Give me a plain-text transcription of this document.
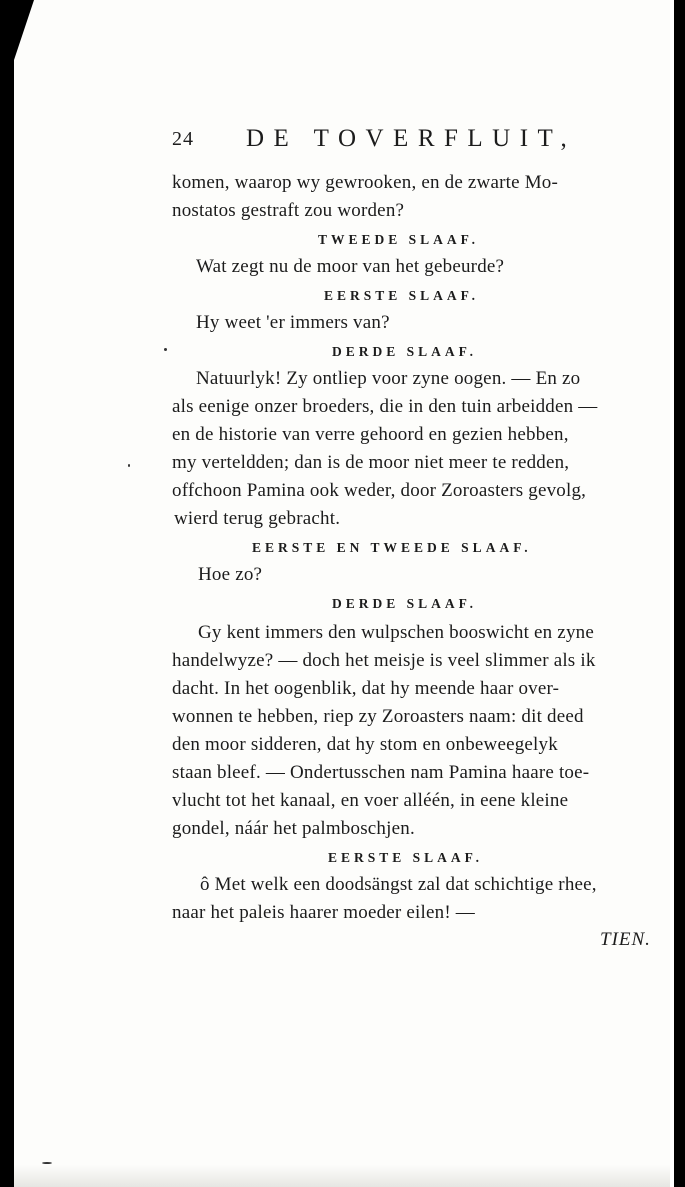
24 DE TOVERFLUIT,
komen, waarop wy gewrooken, en de zwarte Mo-
nostatos gestraft zou worden?
TWEEDE SLAAF.
Wat zegt nu de moor van het gebeurde?
EERSTE SLAAF.
Hy weet 'er immers van?
DERDE SLAAF.
Natuurlyk! Zy ontliep voor zyne oogen. — En zo
als eenige onzer broeders, die in den tuin arbeidden —
en de historie van verre gehoord en gezien hebben,
my verteldden; dan is de moor niet meer te redden,
offchoon Pamina ook weder, door Zoroasters gevolg,
wierd terug gebracht.
EERSTE EN TWEEDE SLAAF.
Hoe zo?
DERDE SLAAF.
Gy kent immers den wulpschen booswicht en zyne
handelwyze? — doch het meisje is veel slimmer als ik
dacht. In het oogenblik, dat hy meende haar over-
wonnen te hebben, riep zy Zoroasters naam: dit deed
den moor sidderen, dat hy stom en onbeweegelyk
staan bleef. — Ondertusschen nam Pamina haare toe-
vlucht tot het kanaal, en voer alléén, in eene kleine
gondel, náár het palmboschjen.
EERSTE SLAAF.
ô Met welk een doodsängst zal dat schichtige rhee,
naar het paleis haarer moeder eilen! —
TIEN.
